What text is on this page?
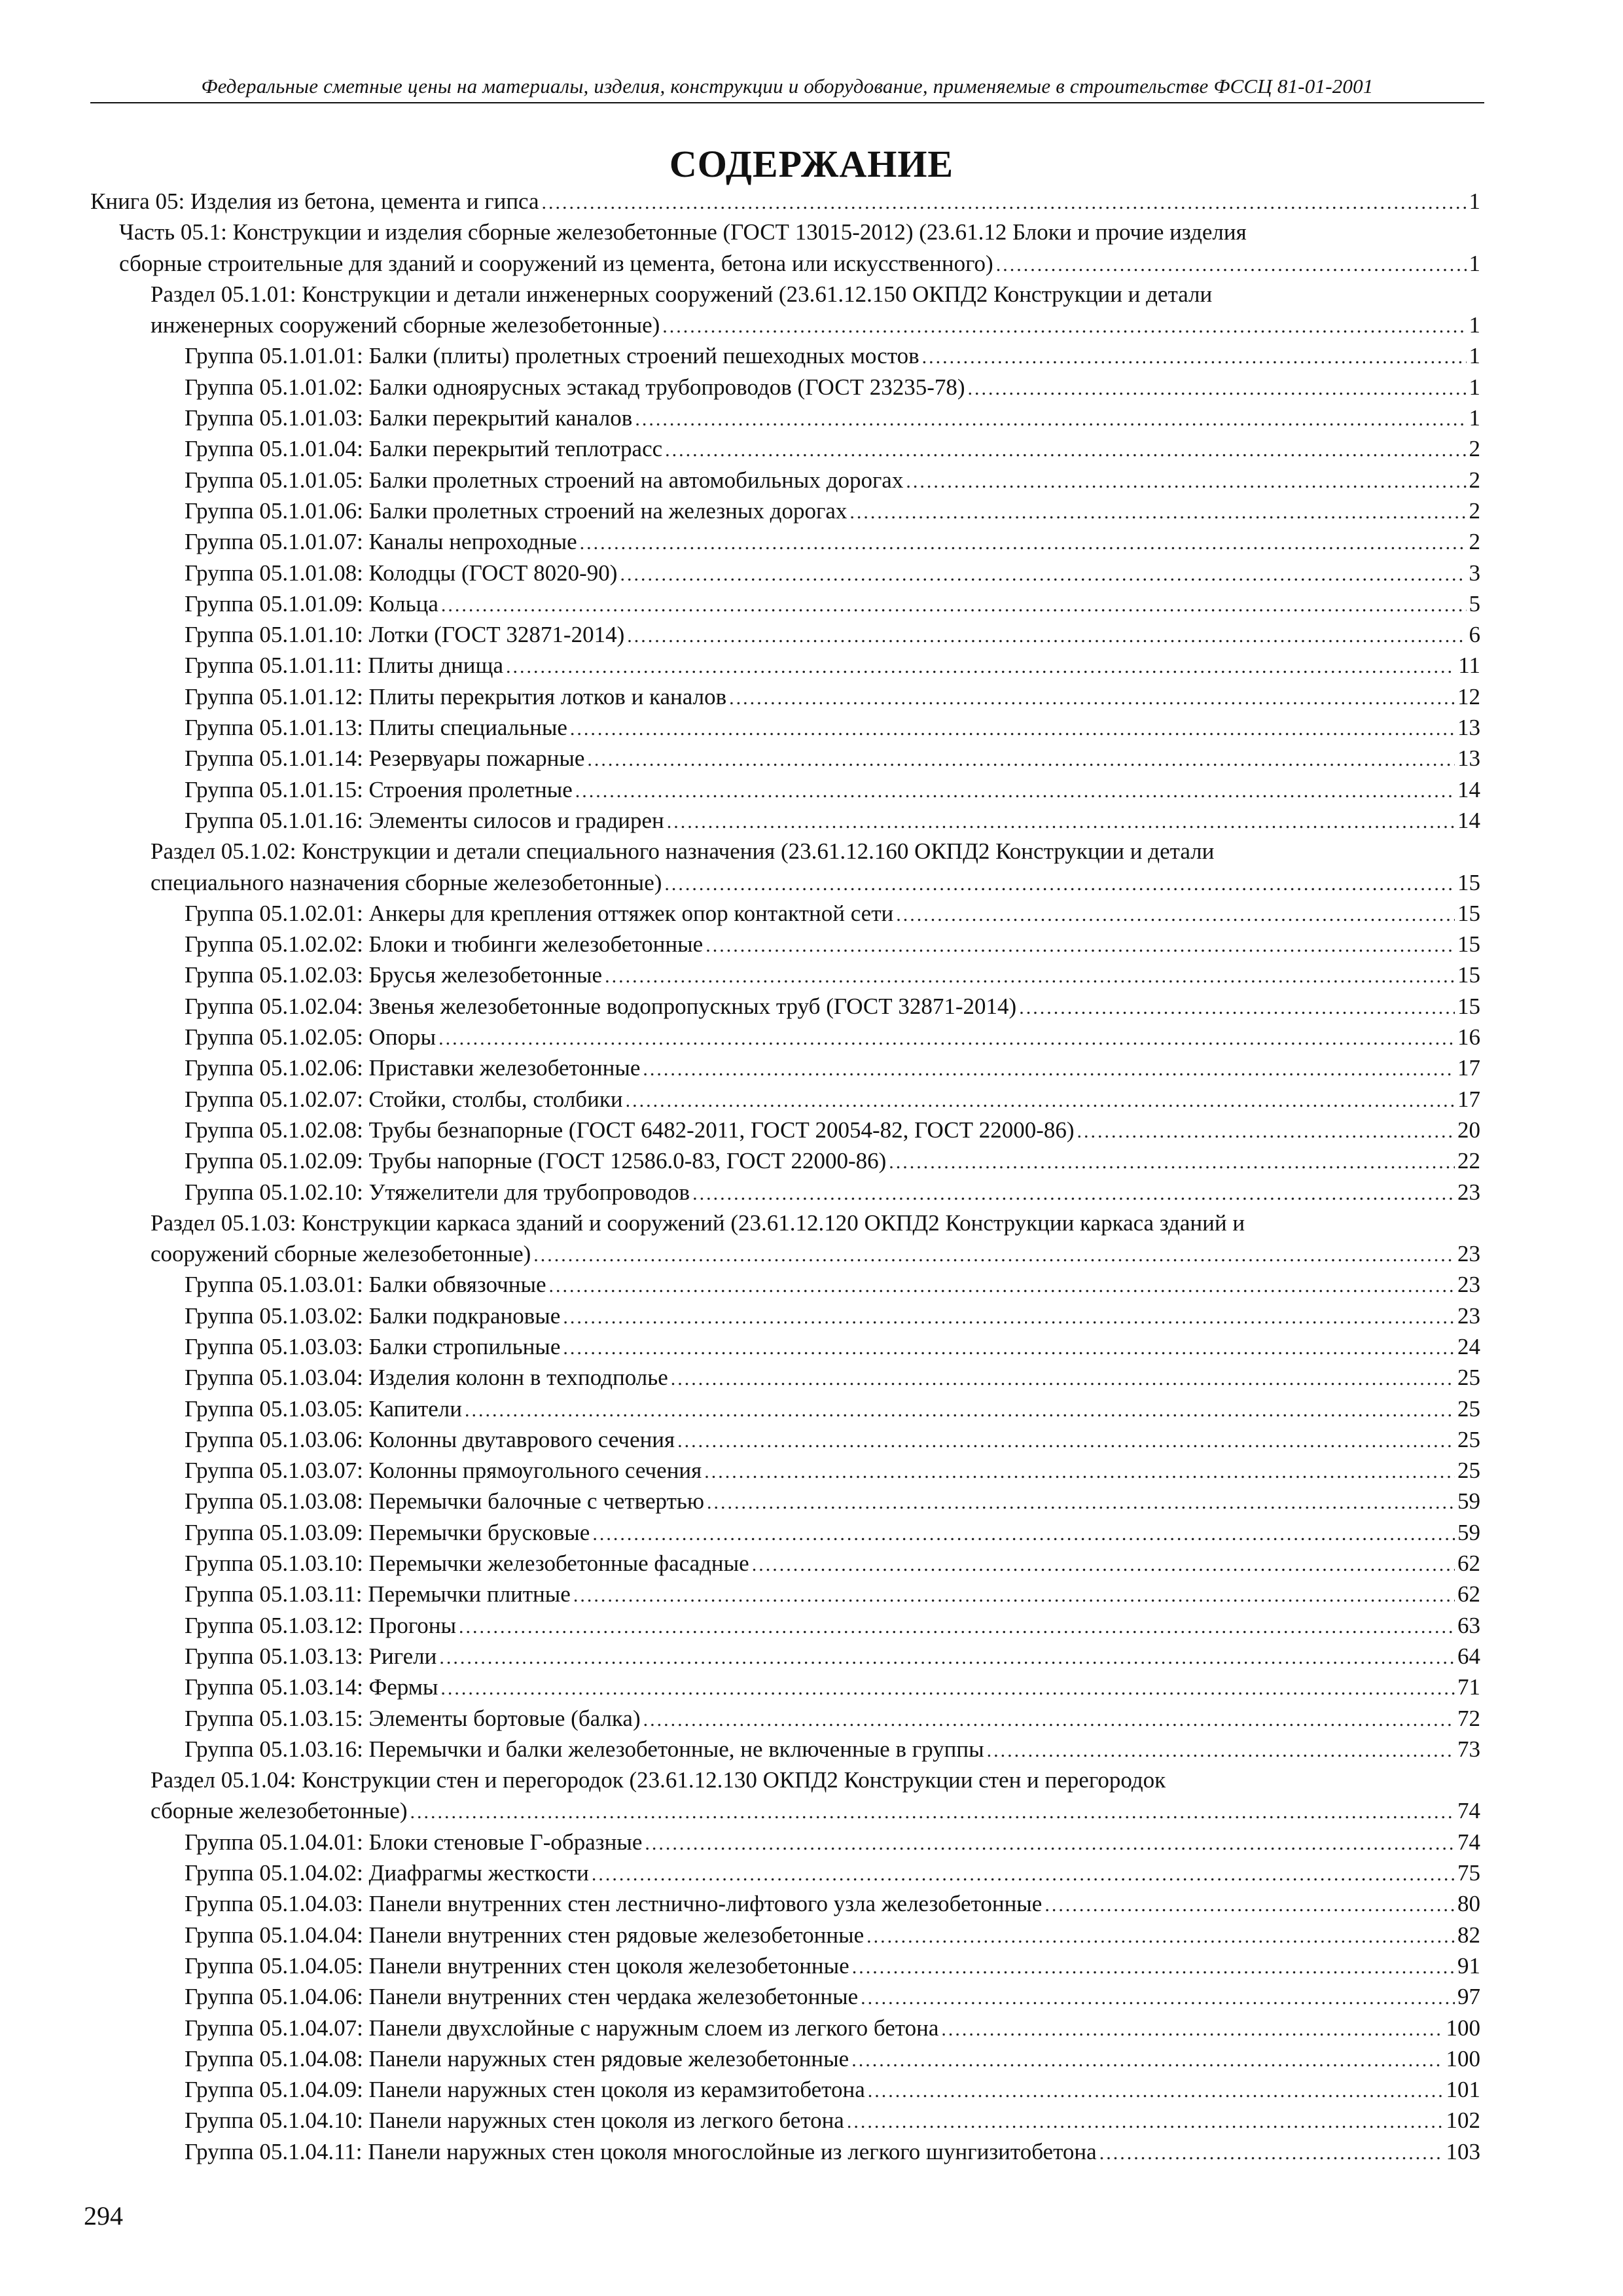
Федеральные сметные цены на материалы, изделия, конструкции и оборудование, применяемые в строительстве ФССЦ 81-01-2001
СОДЕРЖАНИЕ
Книга 05: Изделия из бетона, цемента и гипса .....	1
Часть 05.1: Конструкции и изделия сборные железобетонные (ГОСТ 13015-2012) (23.61.12 Блоки и прочие изделия
сборные строительные для зданий и сооружений из цемента, бетона или искусственного) .....	1
Раздел 05.1.01: Конструкции и детали инженерных сооружений (23.61.12.150 ОКПД2 Конструкции и детали
инженерных сооружений сборные железобетонные) .....	1
Группа 05.1.01.01: Балки (плиты) пролетных строений пешеходных мостов .....	1
Группа 05.1.01.02: Балки одноярусных эстакад трубопроводов (ГОСТ 23235-78) .....	1
Группа 05.1.01.03: Балки перекрытий каналов .....	1
Группа 05.1.01.04: Балки перекрытий теплотрасс .....	2
Группа 05.1.01.05: Балки пролетных строений на автомобильных дорогах .....	2
Группа 05.1.01.06: Балки пролетных строений на железных дорогах .....	2
Группа 05.1.01.07: Каналы непроходные .....	2
Группа 05.1.01.08: Колодцы (ГОСТ 8020-90) .....	3
Группа 05.1.01.09: Кольца .....	5
Группа 05.1.01.10: Лотки (ГОСТ 32871-2014) .....	6
Группа 05.1.01.11: Плиты днища .....	11
Группа 05.1.01.12: Плиты перекрытия лотков и каналов .....	12
Группа 05.1.01.13: Плиты специальные .....	13
Группа 05.1.01.14: Резервуары пожарные .....	13
Группа 05.1.01.15: Строения пролетные .....	14
Группа 05.1.01.16: Элементы силосов и градирен .....	14
Раздел 05.1.02: Конструкции и детали специального назначения (23.61.12.160 ОКПД2 Конструкции и детали
специального назначения сборные железобетонные) .....	15
Группа 05.1.02.01: Анкеры для крепления оттяжек опор контактной сети .....	15
Группа 05.1.02.02: Блоки и тюбинги железобетонные .....	15
Группа 05.1.02.03: Брусья железобетонные .....	15
Группа 05.1.02.04: Звенья железобетонные водопропускных труб (ГОСТ 32871-2014) .....	15
Группа 05.1.02.05: Опоры .....	16
Группа 05.1.02.06: Приставки железобетонные .....	17
Группа 05.1.02.07: Стойки, столбы, столбики .....	17
Группа 05.1.02.08: Трубы безнапорные (ГОСТ 6482-2011, ГОСТ 20054-82, ГОСТ 22000-86) .....	20
Группа 05.1.02.09: Трубы напорные (ГОСТ 12586.0-83, ГОСТ 22000-86) .....	22
Группа 05.1.02.10: Утяжелители для трубопроводов .....	23
Раздел 05.1.03: Конструкции каркаса зданий и сооружений (23.61.12.120 ОКПД2 Конструкции каркаса зданий и
сооружений сборные железобетонные) .....	23
Группа 05.1.03.01: Балки обвязочные .....	23
Группа 05.1.03.02: Балки подкрановые .....	23
Группа 05.1.03.03: Балки стропильные .....	24
Группа 05.1.03.04: Изделия колонн в техподполье .....	25
Группа 05.1.03.05: Капители .....	25
Группа 05.1.03.06: Колонны двутаврового сечения .....	25
Группа 05.1.03.07: Колонны прямоугольного сечения .....	25
Группа 05.1.03.08: Перемычки балочные с четвертью .....	59
Группа 05.1.03.09: Перемычки брусковые .....	59
Группа 05.1.03.10: Перемычки железобетонные фасадные .....	62
Группа 05.1.03.11: Перемычки плитные .....	62
Группа 05.1.03.12: Прогоны .....	63
Группа 05.1.03.13: Ригели .....	64
Группа 05.1.03.14: Фермы .....	71
Группа 05.1.03.15: Элементы бортовые (балка) .....	72
Группа 05.1.03.16: Перемычки и балки железобетонные, не включенные в группы .....	73
Раздел 05.1.04: Конструкции стен и перегородок (23.61.12.130 ОКПД2 Конструкции стен и перегородок
сборные железобетонные) .....	74
Группа 05.1.04.01: Блоки стеновые Г-образные .....	74
Группа 05.1.04.02: Диафрагмы жесткости .....	75
Группа 05.1.04.03: Панели внутренних стен лестнично-лифтового узла железобетонные .....	80
Группа 05.1.04.04: Панели внутренних стен рядовые железобетонные .....	82
Группа 05.1.04.05: Панели внутренних стен цоколя железобетонные .....	91
Группа 05.1.04.06: Панели внутренних стен чердака железобетонные .....	97
Группа 05.1.04.07: Панели двухслойные с наружным слоем из легкого бетона .....	100
Группа 05.1.04.08: Панели наружных стен рядовые железобетонные .....	100
Группа 05.1.04.09: Панели наружных стен цоколя из керамзитобетона .....	101
Группа 05.1.04.10: Панели наружных стен цоколя из легкого бетона .....	102
Группа 05.1.04.11: Панели наружных стен цоколя многослойные из легкого шунгизитобетона .....	103
294
